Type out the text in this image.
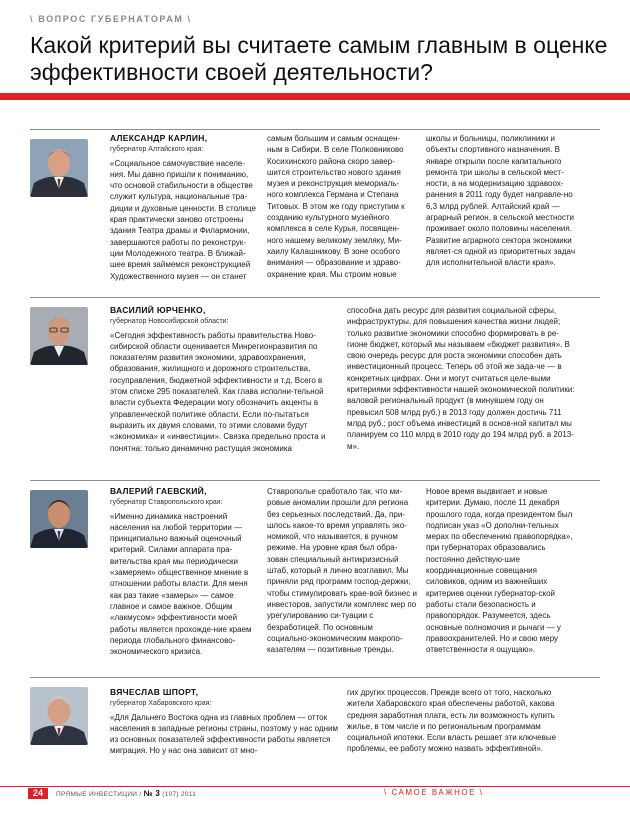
\ ВОПРОС ГУБЕРНАТОРАМ \
Какой критерий вы считаете самым главным в оценке эффективности своей деятельности?
АЛЕКСАНДР КАРЛИН,
губернатор Алтайского края:
«Социальное самочувствие населе-ния. Мы давно пришли к пониманию, что основой стабильности в обществе служит культура, национальные тра-диции и духовные ценности. В столице края практически заново отстроены здания Театра драмы и Филармонии, завершаются работы по реконструк-ции Молодежного театра. В ближай-шее время займемся реконструкцией Художественного музея — он станет
самым большим и самым оснащен-ным в Сибири. В селе Полковниково Косихинского района скоро завер-шится строительство нового здания музея и реконструкция мемориаль-ного комплекса Германа и Степана Титовых. В этом же году приступим к созданию культурного музейного комплекса в селе Курья, посвящен-ного нашему великому земляку, Ми-хаилу Калашникову. В зоне особого внимания — образование и здраво-охранение края. Мы строим новые
школы и больницы, поликлиники и объекты спортивного назначения. В январе открыли после капитального ремонта три школы в сельской мест-ности, а на модернизацию здравоох-ранения в 2011 году будет направле-но 6,3 млрд рублей. Алтайский край — аграрный регион, в сельской местности проживает около половины населения. Развитие аграрного сектора экономики являет-ся одной из приоритетных задач для исполнительной власти края».
ВАСИЛИЙ ЮРЧЕНКО,
губернатор Новосибирской области:
«Сегодня эффективность работы правительства Ново-сибирской области оценивается Минрегионразвития по показателям развития экономики, здравоохранения, образования, жилищного и дорожного строительства, госуправления, бюджетной эффективности и т.д. Всего в этом списке 295 показателей. Как глава исполни-тельной власти субъекта Федерации могу обозначить акценты в управленческой политике области. Если по-пытаться выразить их двумя словами, то этими словами будут «экономика» и «инвестиции». Связка предельно проста и понятна: только динамично растущая экономика
способна дать ресурс для развития социальной сферы, инфраструктуры, для повышения качества жизни людей; только развитие экономики способно формировать в ре-гионе бюджет, который мы называем «бюджет развития». В свою очередь ресурс для роста экономики способен дать инвестиционный процесс. Теперь об этой же зада-че — в конкретных цифрах. Они и могут считаться целе-выми критериями эффективности нашей экономической политики: валовой региональный продукт (в минувшем году он превысил 508 млрд руб.) в 2013 году должен достичь 711 млрд руб.; рост объема инвестиций в основ-ной капитал мы планируем со 110 млрд в 2010 году до 194 млрд руб. в 2013-м».
ВАЛЕРИЙ ГАЕВСКИЙ,
губернатор Ставропольского края:
«Именно динамика настроений населения на любой территории — принципиально важный оценочный критерий. Силами аппарата пра-вительства края мы периодически «замеряем» общественное мнение в отношении работы власти. Для меня как раз такие «замеры» — самое главное и самое важное. Общим «лакмусом» эффективности моей работы является прохожде-ние краем периода глобального финансово-экономического кризиса.
Ставрополье сработало так, что ми-ровые аномалии прошли для региона без серьезных последствий. Да, при-шлось какое-то время управлять эко-номикой, что называется, в ручном режиме. На уровне края был обра-зован специальный антикризисный штаб, который я лично возглавил. Мы приняли ряд программ господ-держки, чтобы стимулировать крае-вой бизнес и инвесторов, запустили комплекс мер по урегулированию си-туации с безработицей. По основным социально-экономическим макропо-казателям — позитивные тренды.
Новое время выдвигает и новые критерии. Думаю, после 11 декабря прошлого года, когда президентом был подписан указ «О дополни-тельных мерах по обеспечению правопорядка», при губернаторах образовались постоянно действую-шие координационные совещания силовиков, одним из важнейших критериев оценки губернатор-ской работы стали безопасность и правопорядок. Разумеется, здесь основные полномочия и рычаги — у правоохранителей. Но и свою меру ответственности я ощущаю».
ВЯЧЕСЛАВ ШПОРТ,
губернатор Хабаровского края:
«Для Дальнего Востока одна из главных проблем — отток населения в западные регионы страны, поэтому у нас одним из основных показателей эффективности работы является миграция. Но у нас она зависит от мно-
гих других процессов. Прежде всего от того, насколько жители Хабаровского края обеспечены работой, какова средняя заработная плата, есть ли возможность купить жилье, в том числе и по региональным программам социальной ипотеки. Если власть решает эти ключевые проблемы, ее работу можно назвать эффективной».
24	ПРЯМЫЕ ИНВЕСТИЦИИ / № 3 (107) 2011	\ САМОЕ ВАЖНОЕ \
